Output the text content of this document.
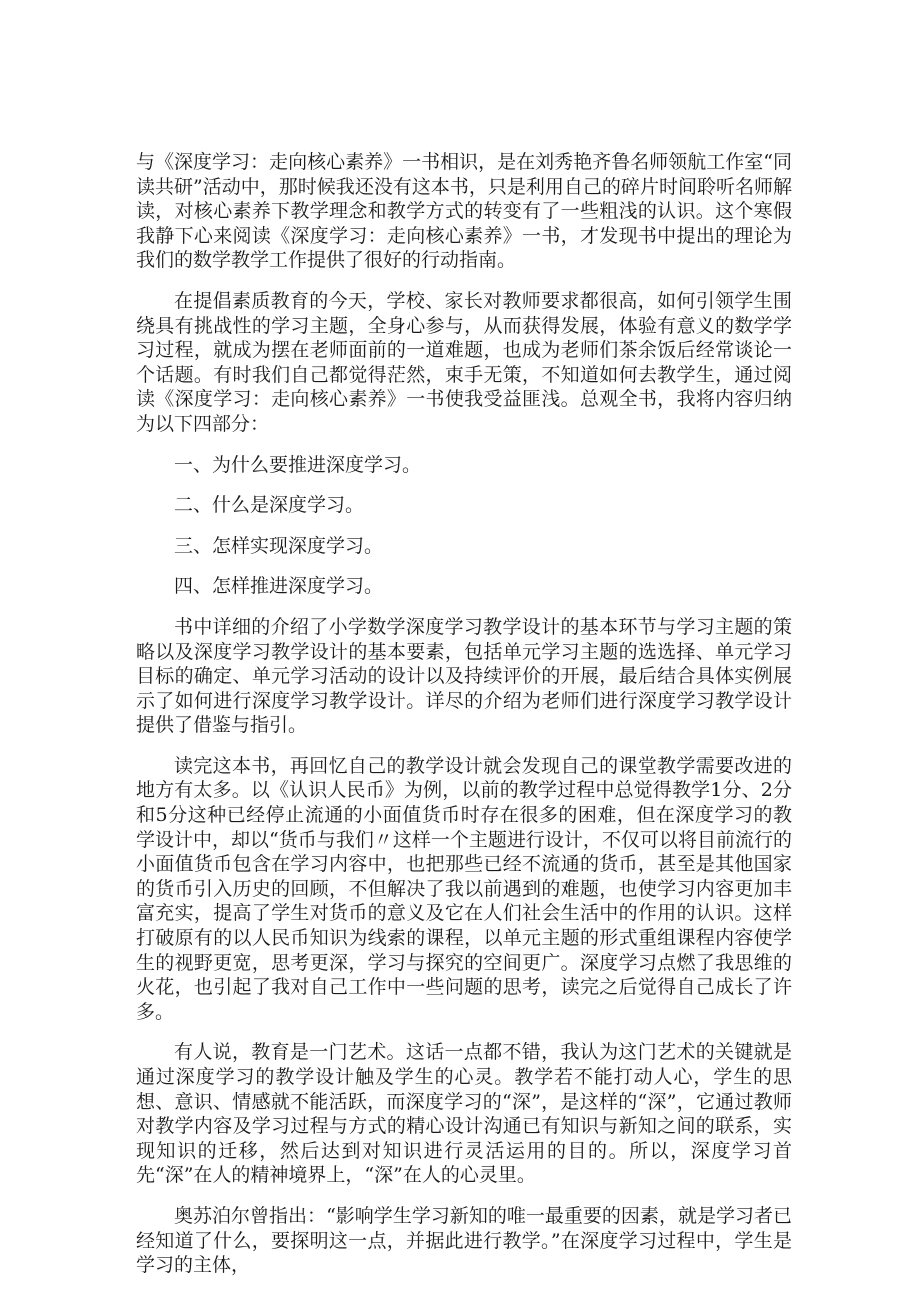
与《深度学习：走向核心素养》一书相识，是在刘秀艳齐鲁名师领航工作室“同读共研”活动中，那时候我还没有这本书，只是利用自己的碎片时间聆听名师解读，对核心素养下教学理念和教学方式的转变有了一些粗浅的认识。这个寒假我静下心来阅读《深度学习：走向核心素养》一书，才发现书中提出的理论为我们的数学教学工作提供了很好的行动指南。

在提倡素质教育的今天，学校、家长对教师要求都很高，如何引领学生围绕具有挑战性的学习主题，全身心参与，从而获得发展，体验有意义的数学学习过程，就成为摆在老师面前的一道难题，也成为老师们茶余饭后经常谈论一个话题。有时我们自己都觉得茫然，束手无策，不知道如何去教学生，通过阅读《深度学习：走向核心素养》一书使我受益匪浅。总观全书，我将内容归纳为以下四部分：

一、为什么要推进深度学习。

二、什么是深度学习。

三、怎样实现深度学习。

四、怎样推进深度学习。

书中详细的介绍了小学数学深度学习教学设计的基本环节与学习主题的策略以及深度学习教学设计的基本要素，包括单元学习主题的选选择、单元学习目标的确定、单元学习活动的设计以及持续评价的开展，最后结合具体实例展示了如何进行深度学习教学设计。详尽的介绍为老师们进行深度学习教学设计提供了借鉴与指引。

读完这本书，再回忆自己的教学设计就会发现自己的课堂教学需要改进的地方有太多。以《认识人民币》为例，以前的教学过程中总觉得教学1分、2分和5分这种已经停止流通的小面值货币时存在很多的困难，但在深度学习的教学设计中，却以“货币与我们〃这样一个主题进行设计，不仅可以将目前流行的小面值货币包含在学习内容中，也把那些已经不流通的货币，甚至是其他国家的货币引入历史的回顾，不但解决了我以前遇到的难题，也使学习内容更加丰富充实，提高了学生对货币的意义及它在人们社会生活中的作用的认识。这样打破原有的以人民币知识为线索的课程，以单元主题的形式重组课程内容使学生的视野更宽，思考更深，学习与探究的空间更广。深度学习点燃了我思维的火花，也引起了我对自己工作中一些问题的思考，读完之后觉得自己成长了许多。

有人说，教育是一门艺术。这话一点都不错，我认为这门艺术的关键就是通过深度学习的教学设计触及学生的心灵。教学若不能打动人心，学生的思想、意识、情感就不能活跃，而深度学习的“深”，是这样的“深”，它通过教师对教学内容及学习过程与方式的精心设计沟通已有知识与新知之间的联系，实现知识的迁移，然后达到对知识进行灵活运用的目的。所以，深度学习首先“深”在人的精神境界上，“深”在人的心灵里。

奥苏泊尔曾指出：“影响学生学习新知的唯一最重要的因素，就是学习者已经知道了什么，要探明这一点，并据此进行教学。”在深度学习过程中，学生是学习的主体，
